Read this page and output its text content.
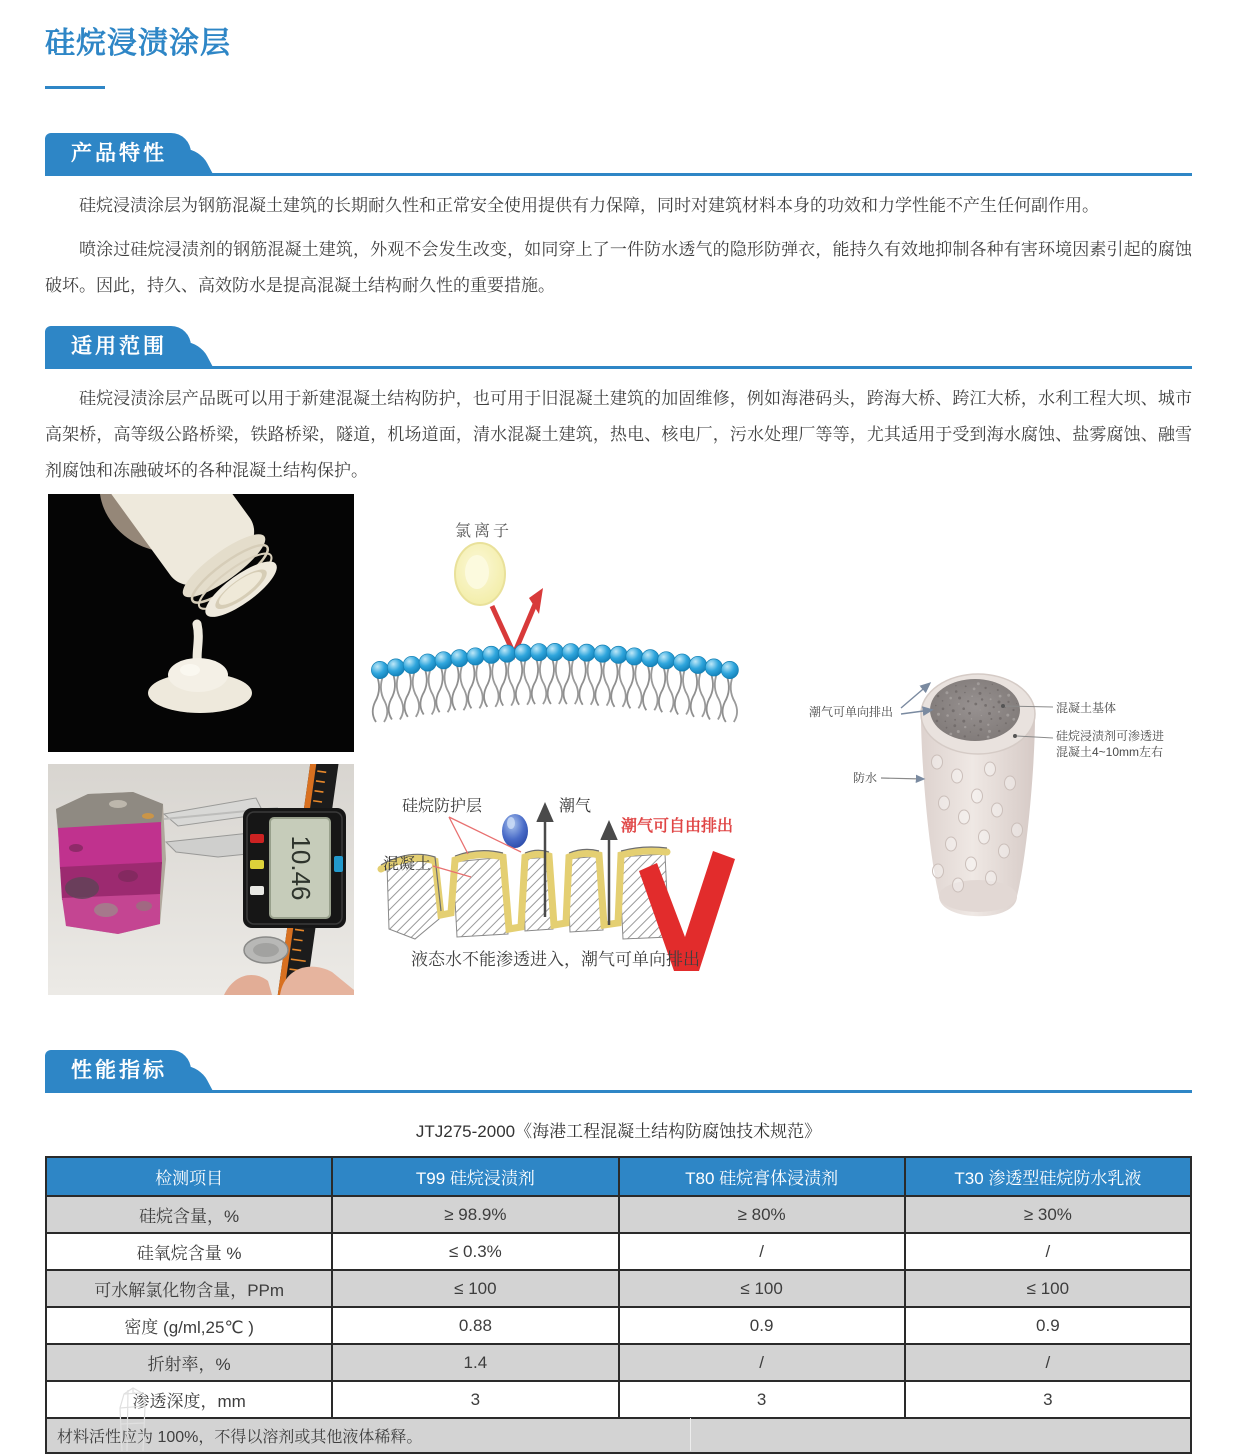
硅烷浸渍涂层
产品特性

硅烷浸渍涂层为钢筋混凝土建筑的长期耐久性和正常安全使用提供有力保障，同时对建筑材料本身的功效和力学性能不产生任何副作用。

喷涂过硅烷浸渍剂的钢筋混凝土建筑，外观不会发生改变，如同穿上了一件防水透气的隐形防弹衣，能持久有效地抑制各种有害环境因素引起的腐蚀破坏。因此，持久、高效防水是提高混凝土结构耐久性的重要措施。

适用范围

硅烷浸渍涂层产品既可以用于新建混凝土结构防护，也可用于旧混凝土建筑的加固维修，例如海港码头，跨海大桥、跨江大桥，水利工程大坝、城市高架桥，高等级公路桥梁，铁路桥梁，隧道，机场道面，清水混凝土建筑，热电、核电厂，污水处理厂等等，尤其适用于受到海水腐蚀、盐雾腐蚀、融雪剂腐蚀和冻融破坏的各种混凝土结构保护。

氯离子
10.46
潮气
潮气可自由排出
硅烷防护层
混凝土
液态水不能渗透进入，潮气可单向排出
潮气可单向排出	混凝土基体
硅烷浸渍剂可渗透进
混凝土4~10mm左右
防水
性能指标

JTJ275-2000《海港工程混凝土结构防腐蚀技术规范》

检测项目	T99 硅烷浸渍剂	T80 硅烷膏体浸渍剂	T30 渗透型硅烷防水乳液
硅烷含量，%	≥ 98.9%	≥ 80%	≥ 30%
硅氧烷含量 %	≤ 0.3%	/	/
可水解氯化物含量，PPm	≤ 100	≤ 100	≤ 100
密度 (g/ml,25℃ )	0.88	0.9	0.9
折射率，%	1.4	/	/
渗透深度，mm	3	3	3
材料活性应为 100%，不得以溶剂或其他液体稀释。			
